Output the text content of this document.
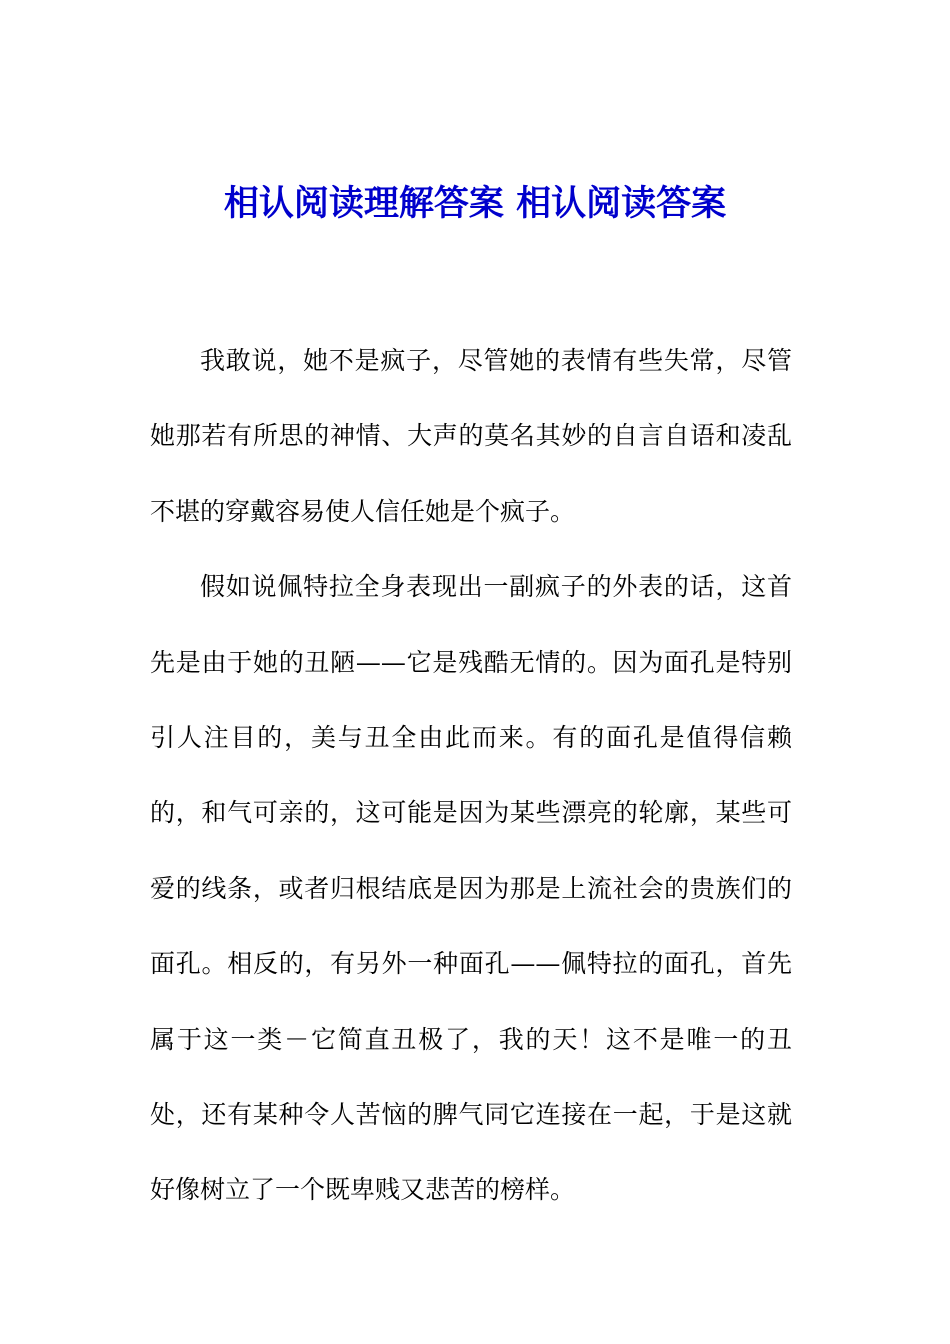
相认阅读理解答案 相认阅读答案

我敢说，她不是疯子，尽管她的表情有些失常，尽管她那若有所思的神情、大声的莫名其妙的自言自语和凌乱不堪的穿戴容易使人信任她是个疯子。

假如说佩特拉全身表现出一副疯子的外表的话，这首先是由于她的丑陋——它是残酷无情的。因为面孔是特别引人注目的，美与丑全由此而来。有的面孔是值得信赖的，和气可亲的，这可能是因为某些漂亮的轮廓，某些可爱的线条，或者归根结底是因为那是上流社会的贵族们的面孔。相反的，有另外一种面孔——佩特拉的面孔，首先属于这一类－它简直丑极了，我的天！这不是唯一的丑处，还有某种令人苦恼的脾气同它连接在一起，于是这就好像树立了一个既卑贱又悲苦的榜样。
